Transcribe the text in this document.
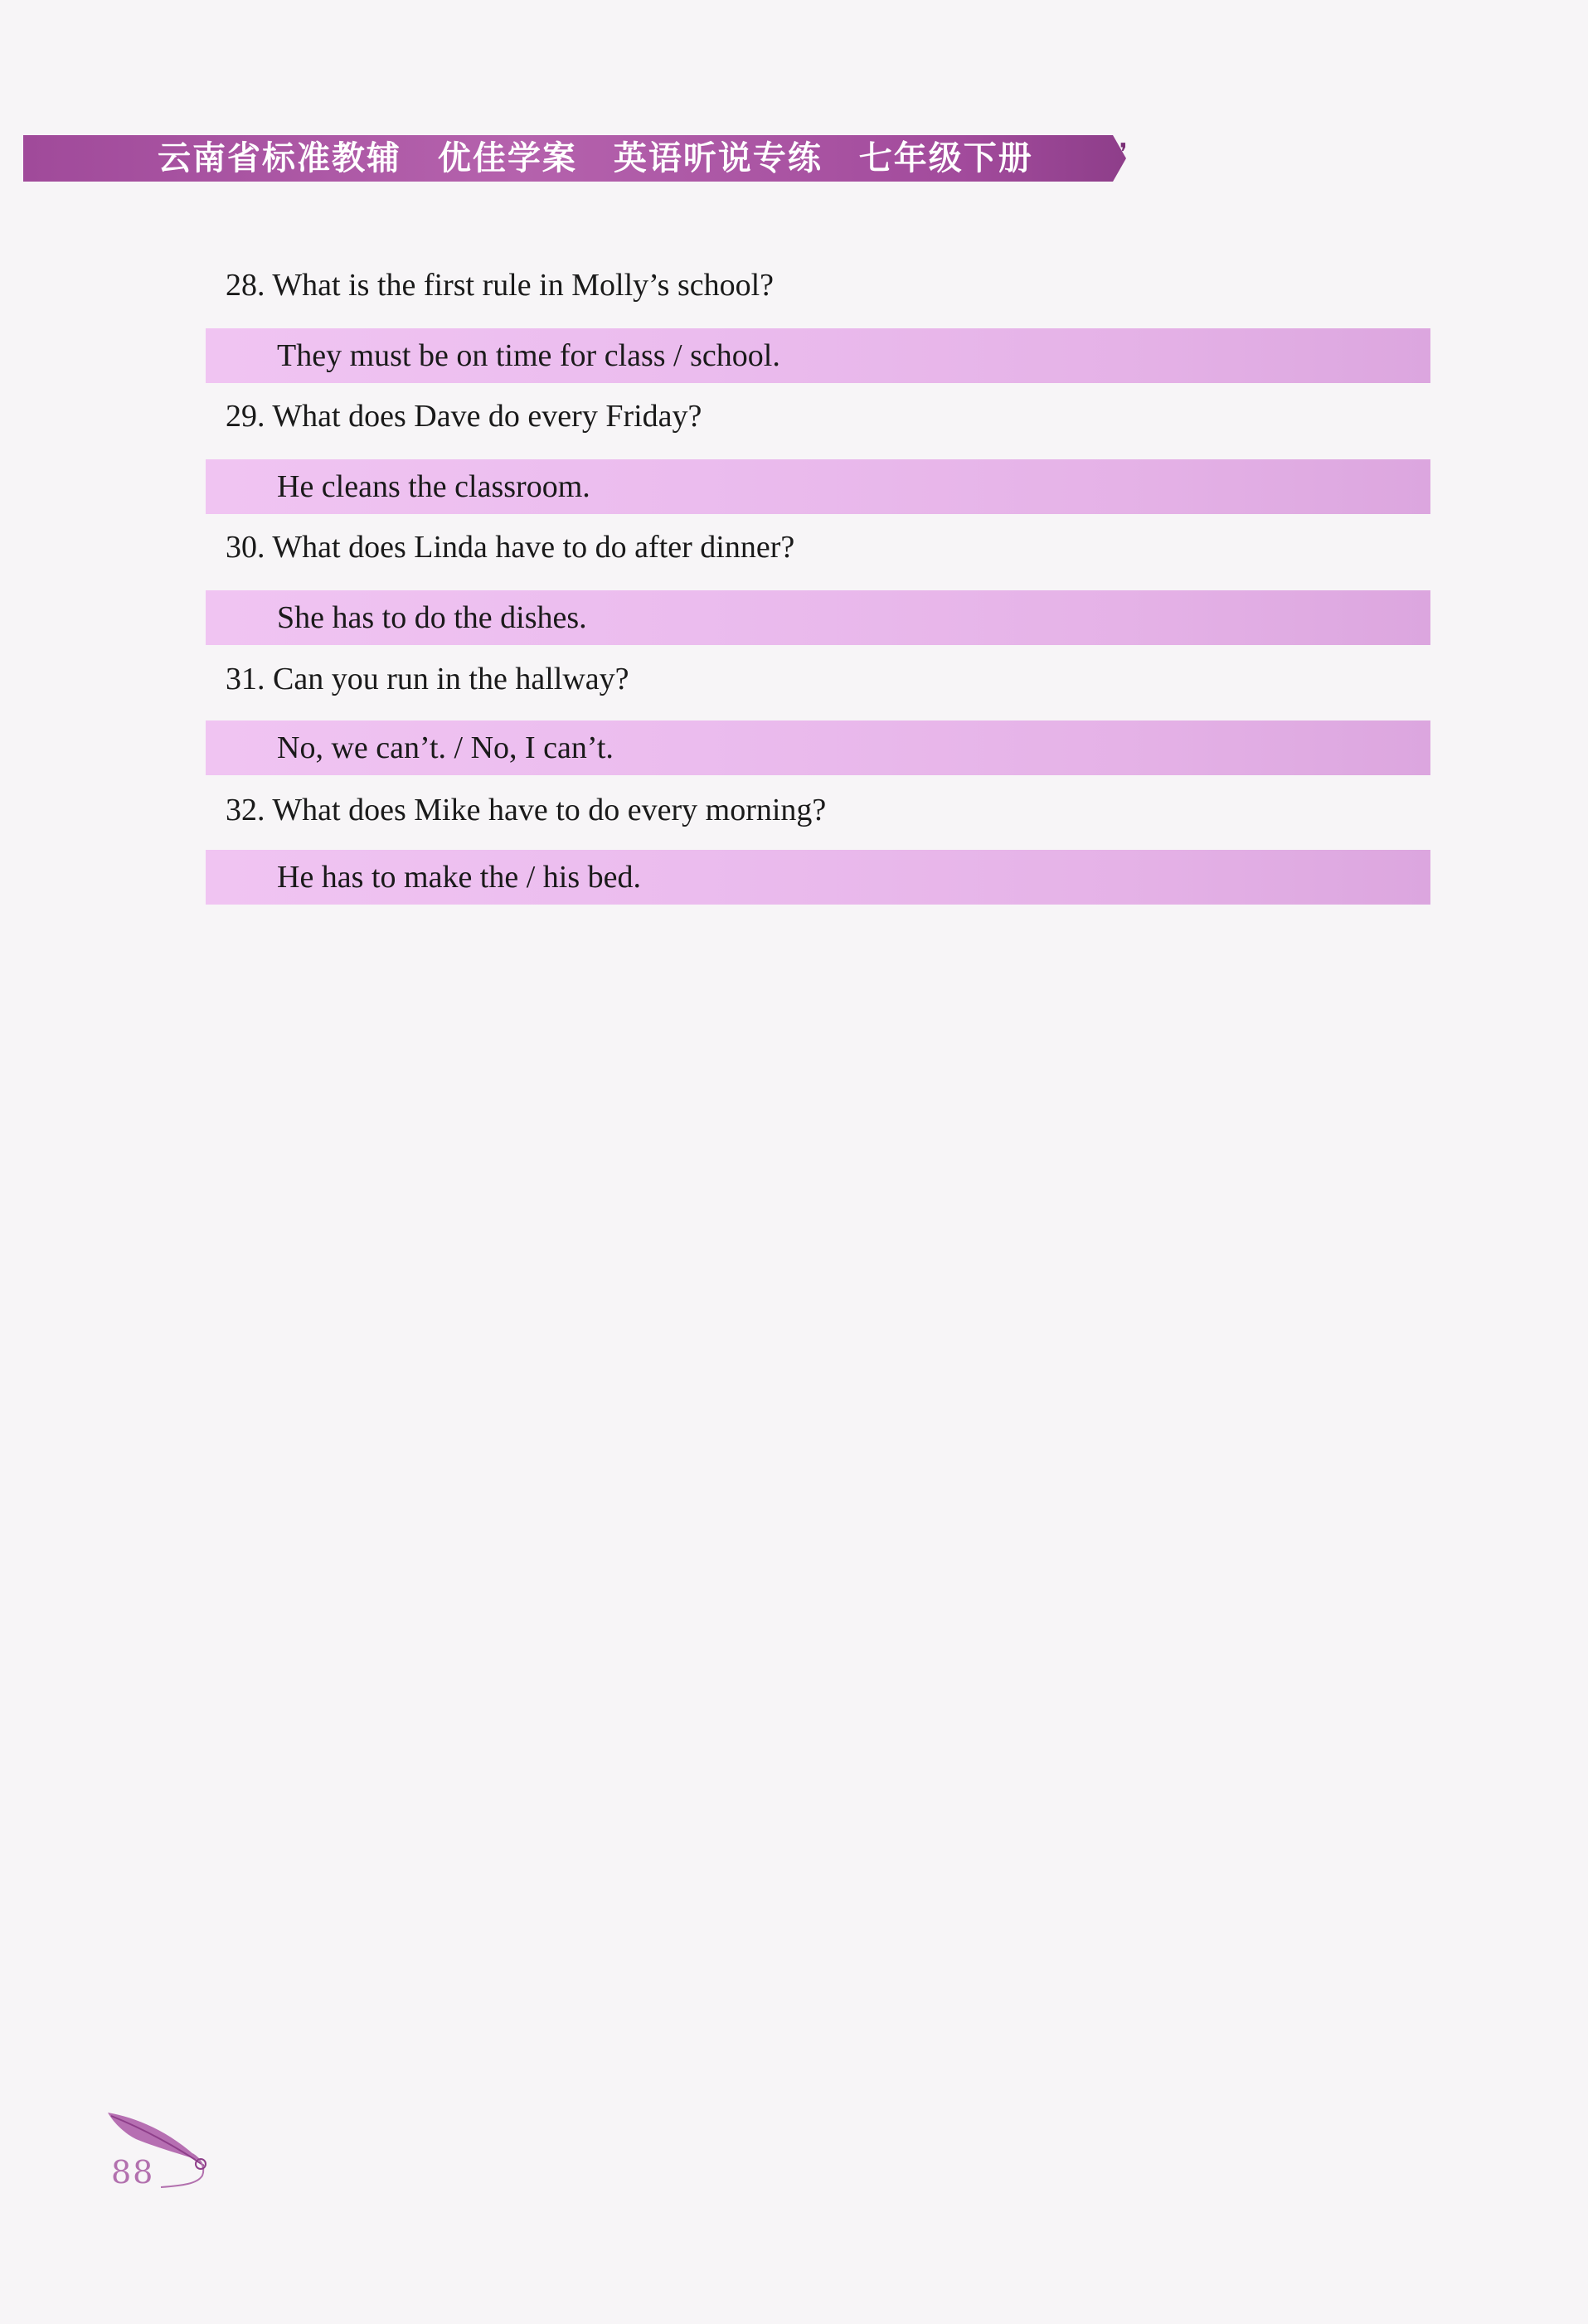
云南省标准教辅 优佳学案 英语听说专练 七年级下册	❜
28. What is the first rule in Molly’s school?
They must be on time for class / school.
29. What does Dave do every Friday?
He cleans the classroom.
30. What does Linda have to do after dinner?
She has to do the dishes.
31. Can you run in the hallway?
No, we can’t. / No, I can’t.
32. What does Mike have to do every morning?
He has to make the / his bed.
88
